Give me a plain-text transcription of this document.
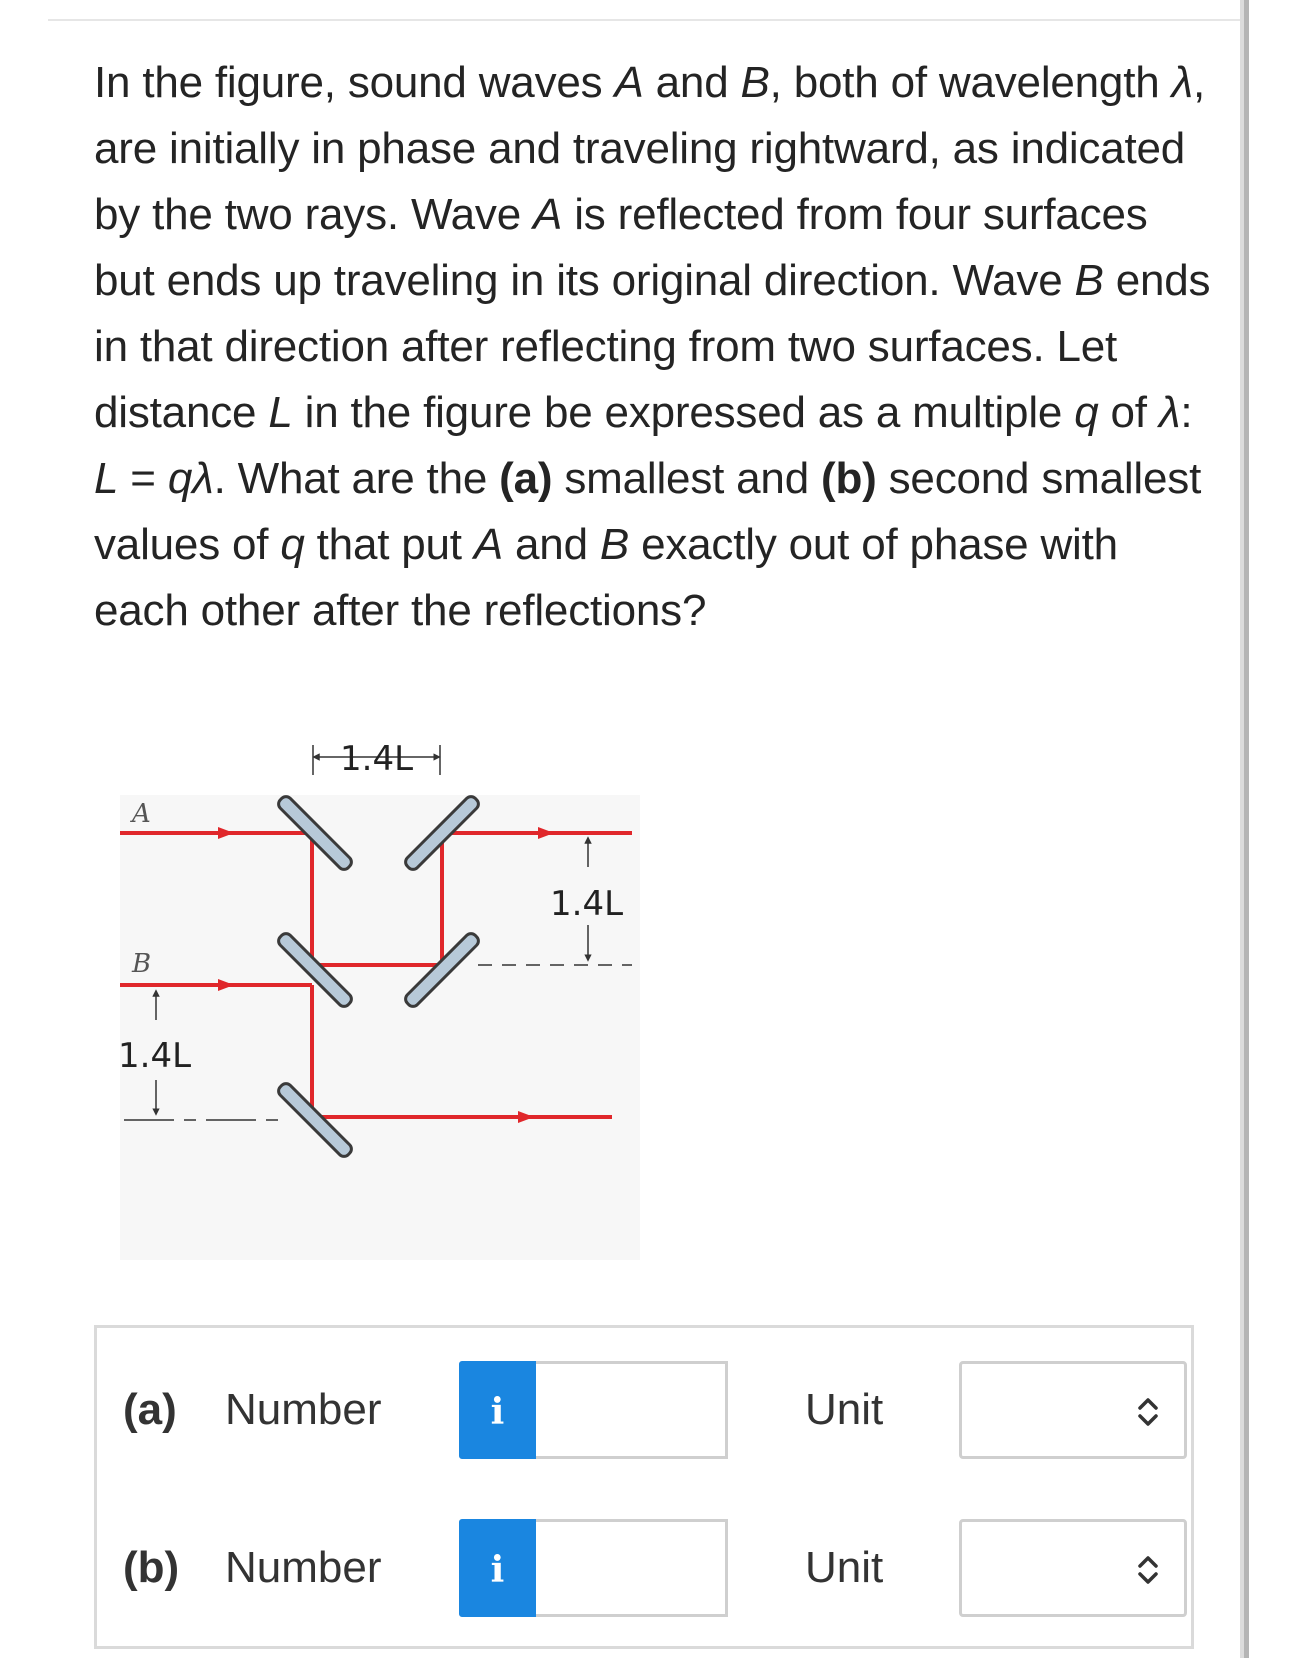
In the figure, sound waves A and B, both of wavelength λ, are initially in phase and traveling rightward, as indicated by the two rays. Wave A is reflected from four surfaces but ends up traveling in its original direction. Wave B ends in that direction after reflecting from two surfaces. Let distance L in the figure be expressed as a multiple q of λ: L = qλ. What are the (a) smallest and (b) second smallest values of q that put A and B exactly out of phase with each other after the reflections?

1.4L
A
B
1.4L
1.4L
(a) Number	i	Unit
(b) Number	i	Unit
